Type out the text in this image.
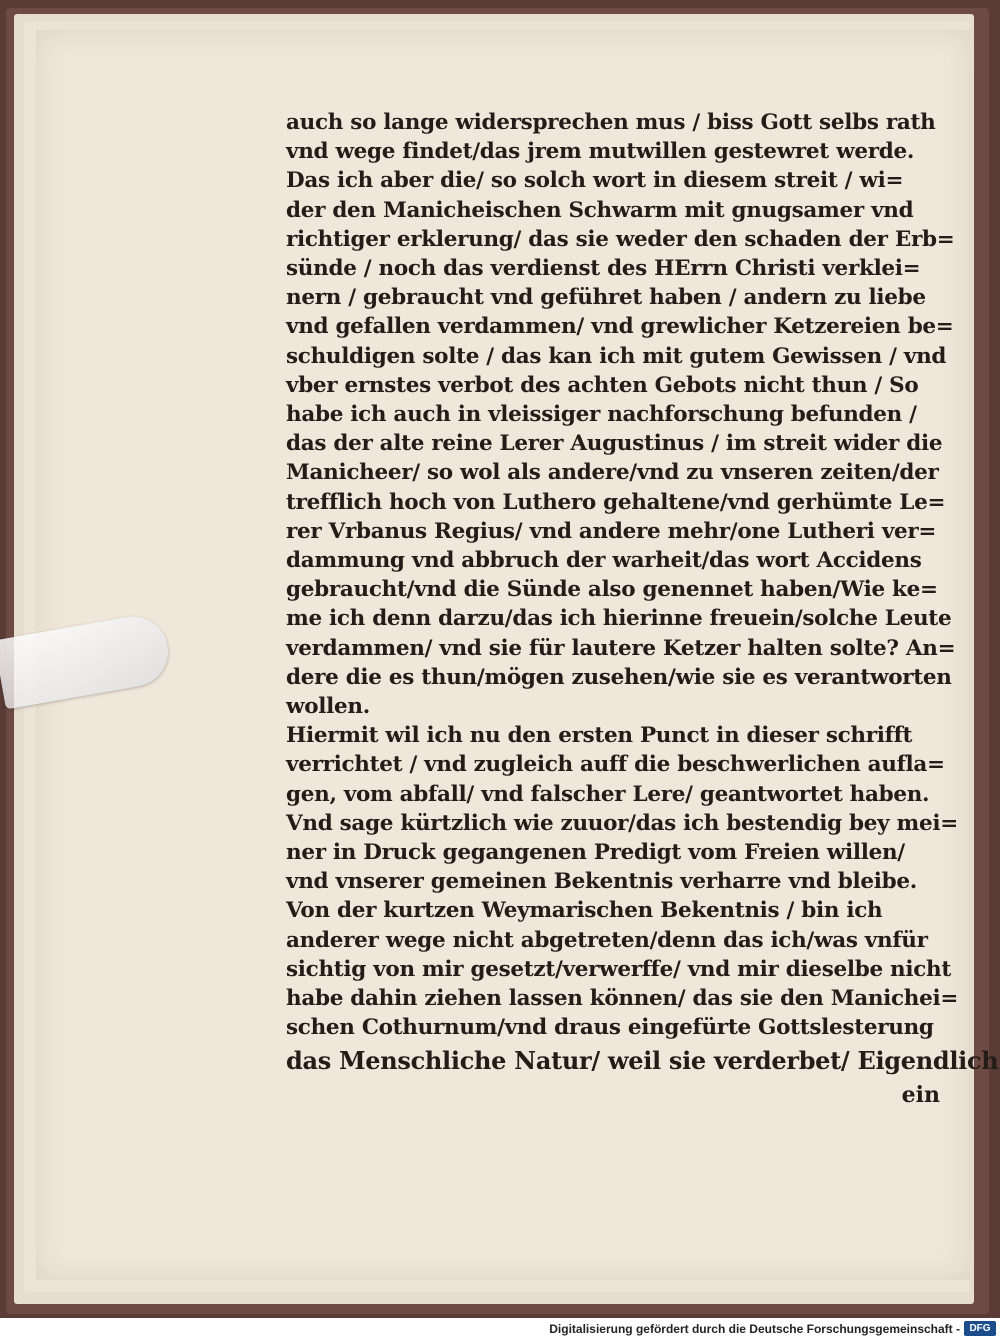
auch so lange widersprechen mus / biss Gott selbs rath
vnd wege findet/das jrem mutwillen gestewret werde.
Das ich aber die/ so solch wort in diesem streit / wi=
der den Manicheischen Schwarm mit gnugsamer vnd
richtiger erklerung/ das sie weder den schaden der Erb=
sünde / noch das verdienst des HErrn Christi verklei=
nern / gebraucht vnd geführet haben / andern zu liebe
vnd gefallen verdammen/ vnd grewlicher Ketzereien be=
schuldigen solte / das kan ich mit gutem Gewissen / vnd
vber ernstes verbot des achten Gebots nicht thun / So
habe ich auch in vleissiger nachforschung befunden /
das der alte reine Lerer Augustinus / im streit wider die
Manicheer/ so wol als andere/vnd zu vnseren zeiten/der
trefflich hoch von Luthero gehaltene/vnd gerhümte Le=
rer Vrbanus Regius/ vnd andere mehr/one Lutheri ver=
dammung vnd abbruch der warheit/das wort Accidens
gebraucht/vnd die Sünde also genennet haben/Wie ke=
me ich denn darzu/das ich hierinne freuein/solche Leute
verdammen/ vnd sie für lautere Ketzer halten solte? An=
dere die es thun/mögen zusehen/wie sie es verantworten
wollen.
Hiermit wil ich nu den ersten Punct in dieser schrifft
verrichtet / vnd zugleich auff die beschwerlichen aufla=
gen, vom abfall/ vnd falscher Lere/ geantwortet haben.
Vnd sage kürtzlich wie zuuor/das ich bestendig bey mei=
ner in Druck gegangenen Predigt vom Freien willen/
vnd vnserer gemeinen Bekentnis verharre vnd bleibe.
Von der kurtzen Weymarischen Bekentnis / bin ich
anderer wege nicht abgetreten/denn das ich/was vnfür
sichtig von mir gesetzt/verwerffe/ vnd mir dieselbe nicht
habe dahin ziehen lassen können/ das sie den Manichei=
schen Cothurnum/vnd draus eingefürte Gottslesterung
das Menschliche Natur/ weil sie verderbet/ Eigendlich
ein
Digitalisierung gefördert durch die Deutsche Forschungsgemeinschaft - DFG
